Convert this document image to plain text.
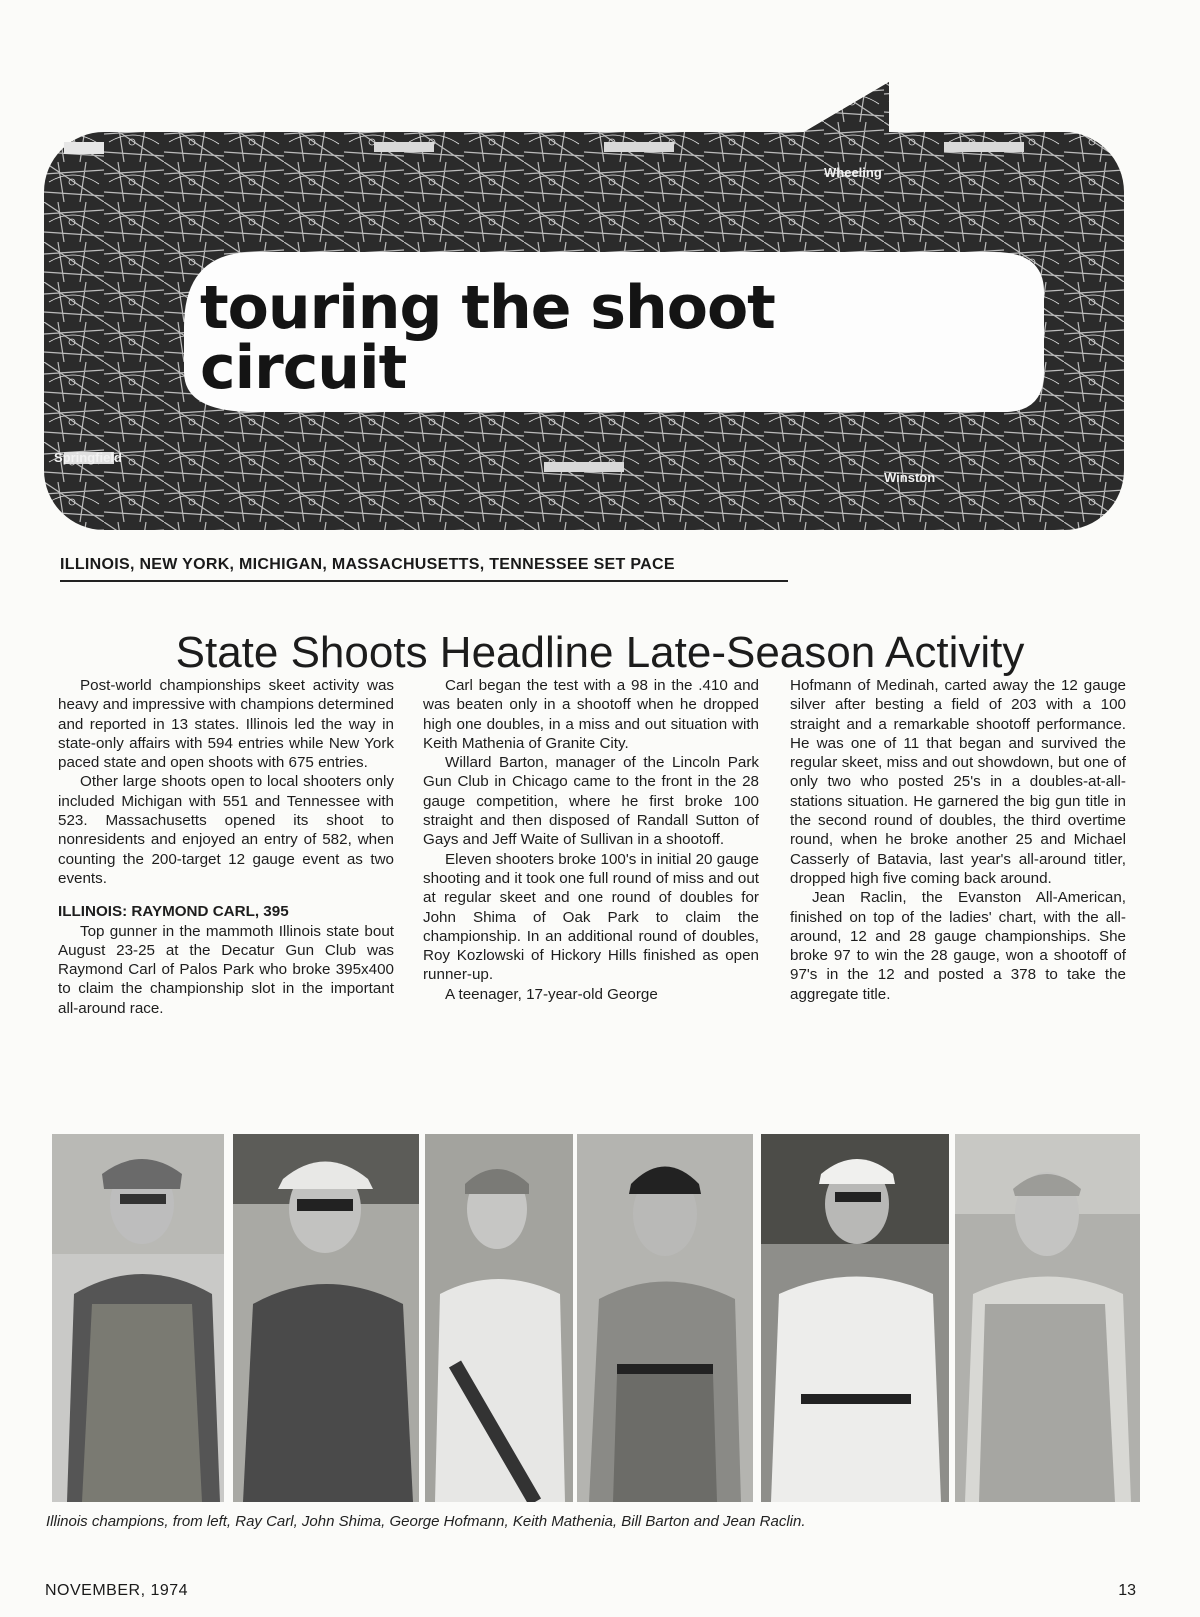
Wheeling
Springfield
Winston
touring the shoot circuit
ILLINOIS, NEW YORK, MICHIGAN, MASSACHUSETTS, TENNESSEE SET PACE
State Shoots Headline Late-Season Activity

Post-world championships skeet activity was heavy and impressive with champions determined and reported in 13 states. Illinois led the way in state-only affairs with 594 entries while New York paced state and open shoots with 675 entries.

Other large shoots open to local shooters only included Michigan with 551 and Tennessee with 523. Massachusetts opened its shoot to nonresidents and enjoyed an entry of 582, when counting the 200-target 12 gauge event as two events.

ILLINOIS: RAYMOND CARL, 395

Top gunner in the mammoth Illinois state bout August 23-25 at the Decatur Gun Club was Raymond Carl of Palos Park who broke 395x400 to claim the championship slot in the important all-around race.

Carl began the test with a 98 in the .410 and was beaten only in a shootoff when he dropped high one doubles, in a miss and out situation with Keith Mathenia of Granite City.

Willard Barton, manager of the Lincoln Park Gun Club in Chicago came to the front in the 28 gauge competition, where he first broke 100 straight and then disposed of Randall Sutton of Gays and Jeff Waite of Sullivan in a shootoff.

Eleven shooters broke 100's in initial 20 gauge shooting and it took one full round of miss and out at regular skeet and one round of doubles for John Shima of Oak Park to claim the championship. In an additional round of doubles, Roy Kozlowski of Hickory Hills finished as open runner-up.

A teenager, 17-year-old George

Hofmann of Medinah, carted away the 12 gauge silver after besting a field of 203 with a 100 straight and a remarkable shootoff performance. He was one of 11 that began and survived the regular skeet, miss and out showdown, but one of only two who posted 25's in a doubles-at-all-stations situation. He garnered the big gun title in the second round of doubles, the third overtime round, when he broke another 25 and Michael Casserly of Batavia, last year's all-around titler, dropped high five coming back around.

Jean Raclin, the Evanston All-American, finished on top of the ladies' chart, with the all-around, 12 and 28 gauge championships. She broke 97 to win the 28 gauge, won a shootoff of 97's in the 12 and posted a 378 to take the aggregate title.

Illinois champions, from left, Ray Carl, John Shima, George Hofmann, Keith Mathenia, Bill Barton and Jean Raclin.
NOVEMBER, 1974	13
